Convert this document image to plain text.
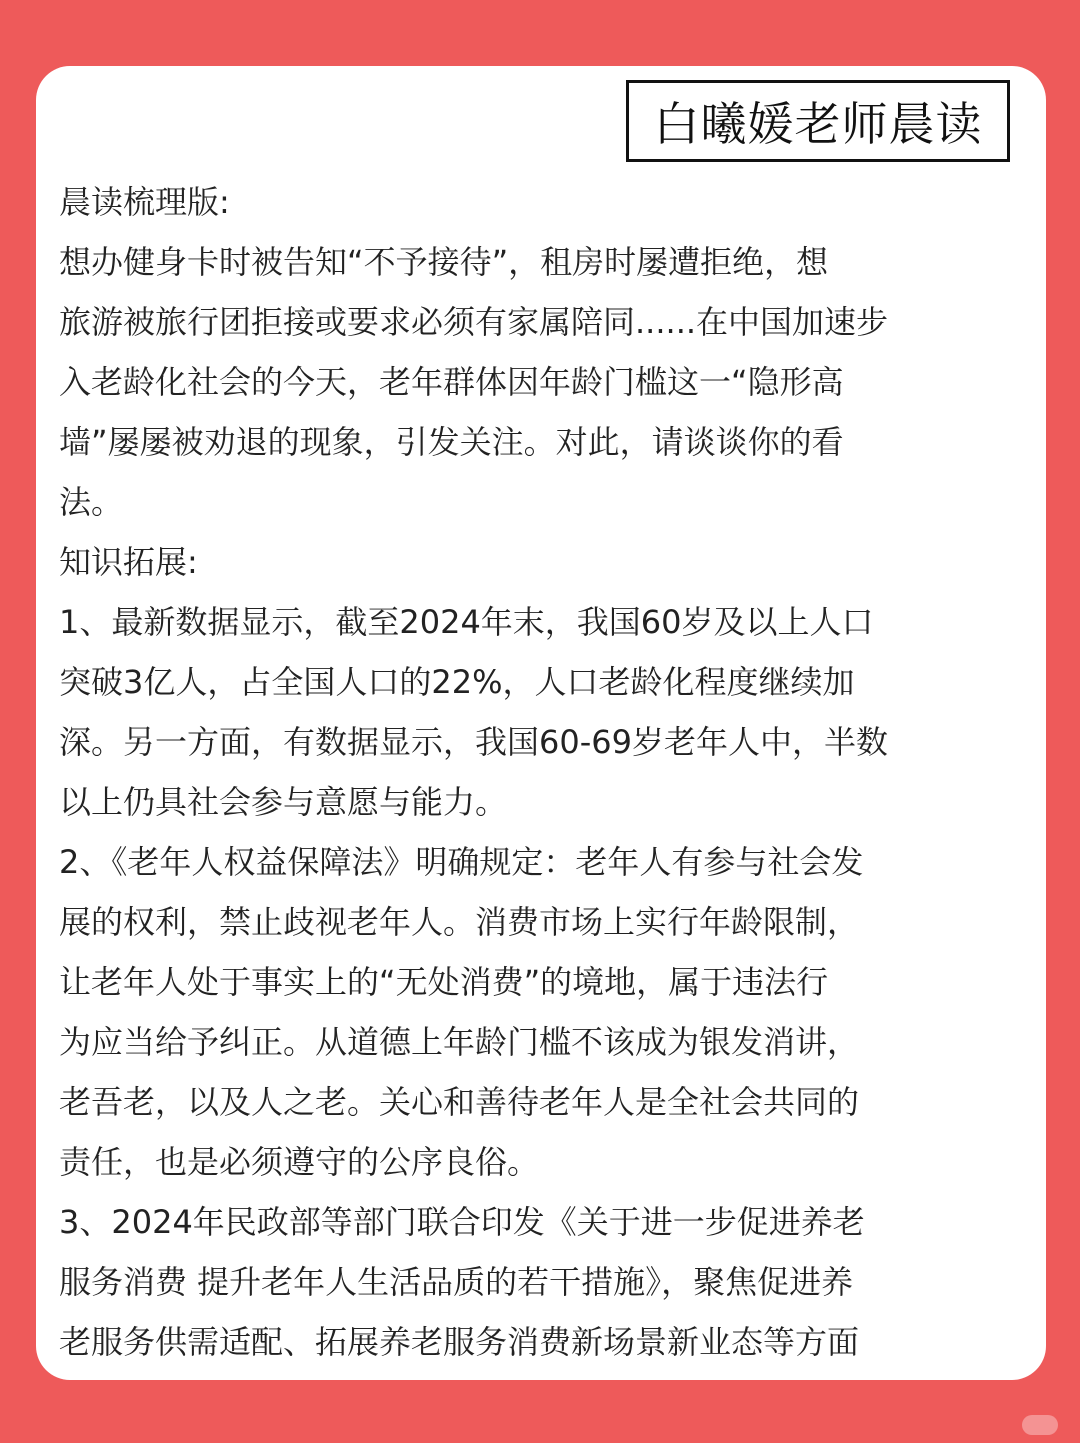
白曦媛老师晨读
晨读梳理版:
想办健身卡时被告知“不予接待”，租房时屡遭拒绝，想
旅游被旅行团拒接或要求必须有家属陪同......在中国加速步
入老龄化社会的今天，老年群体因年龄门槛这一“隐形高
墙”屡屡被劝退的现象，引发关注。对此，请谈谈你的看
法。
知识拓展:
1、最新数据显示，截至2024年末，我国60岁及以上人口
突破3亿人，占全国人口的22%，人口老龄化程度继续加
深。另一方面，有数据显示，我国60-69岁老年人中，半数
以上仍具社会参与意愿与能力。
2、《老年人权益保障法》明确规定：老年人有参与社会发
展的权利，禁止歧视老年人。消费市场上实行年龄限制，
让老年人处于事实上的“无处消费”的境地，属于违法行
为应当给予纠正。从道德上年龄门槛不该成为银发消讲，
老吾老，以及人之老。关心和善待老年人是全社会共同的
责任，也是必须遵守的公序良俗。
3、2024年民政部等部门联合印发《关于进一步促进养老
服务消费 提升老年人生活品质的若干措施》，聚焦促进养
老服务供需适配、拓展养老服务消费新场景新业态等方面
